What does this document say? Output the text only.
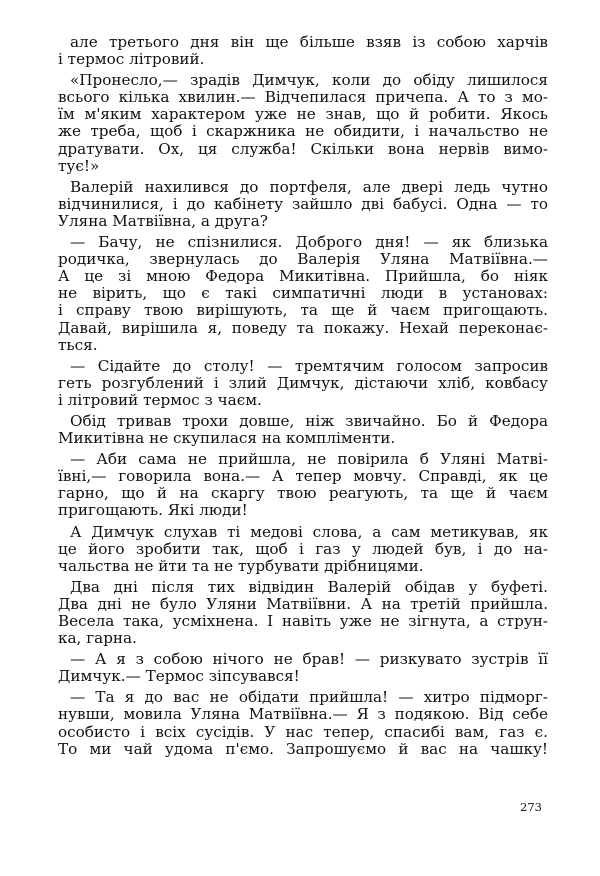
але третього дня він ще більше взяв із собою харчів
і термос літровий.
«Пронесло,— зрадів Димчук, коли до обіду лишилося
всього кілька хвилин.— Відчепилася причепа. А то з мо-
їм м'яким характером уже не знав, що й робити. Якось
же треба, щоб і скаржника не обидити, і начальство не
дратувати. Ох, ця служба! Скільки вона нервів вимо-
тує!»
Валерій нахилився до портфеля, але двері ледь чутно
відчинилися, і до кабінету зайшло дві бабусі. Одна — то
Уляна Матвіївна, а друга?
— Бачу, не спізнилися. Доброго дня! — як близька
родичка, звернулась до Валерія Уляна Матвіївна.—
А це зі мною Федора Микитівна. Прийшла, бо ніяк
не вірить, що є такі симпатичні люди в установах:
і справу твою вирішують, та ще й чаєм пригощають.
Давай, вирішила я, поведу та покажу. Нехай переконає-
ться.
— Сідайте до столу! — тремтячим голосом запросив
геть розгублений і злий Димчук, дістаючи хліб, ковбасу
і літровий термос з чаєм.
Обід тривав трохи довше, ніж звичайно. Бо й Федора
Микитівна не скупилася на компліменти.
— Аби сама не прийшла, не повірила б Уляні Матві-
ївні,— говорила вона.— А тепер мовчу. Справді, як це
гарно, що й на скаргу твою реагують, та ще й чаєм
пригощають. Які люди!
А Димчук слухав ті медові слова, а сам метикував, як
це його зробити так, щоб і газ у людей був, і до на-
чальства не йти та не турбувати дрібницями.
Два дні після тих відвідин Валерій обідав у буфеті.
Два дні не було Уляни Матвіївни. А на третій прийшла.
Весела така, усміхнена. І навіть уже не зігнута, а струн-
ка, гарна.
— А я з собою нічого не брав! — ризкувато зустрів її
Димчук.— Термос зіпсувався!
— Та я до вас не обідати прийшла! — хитро підморг-
нувши, мовила Уляна Матвіївна.— Я з подякою. Від себе
особисто і всіх сусідів. У нас тепер, спасибі вам, газ є.
То ми чай удома п'ємо. Запрошуємо й вас на чашку!
273
